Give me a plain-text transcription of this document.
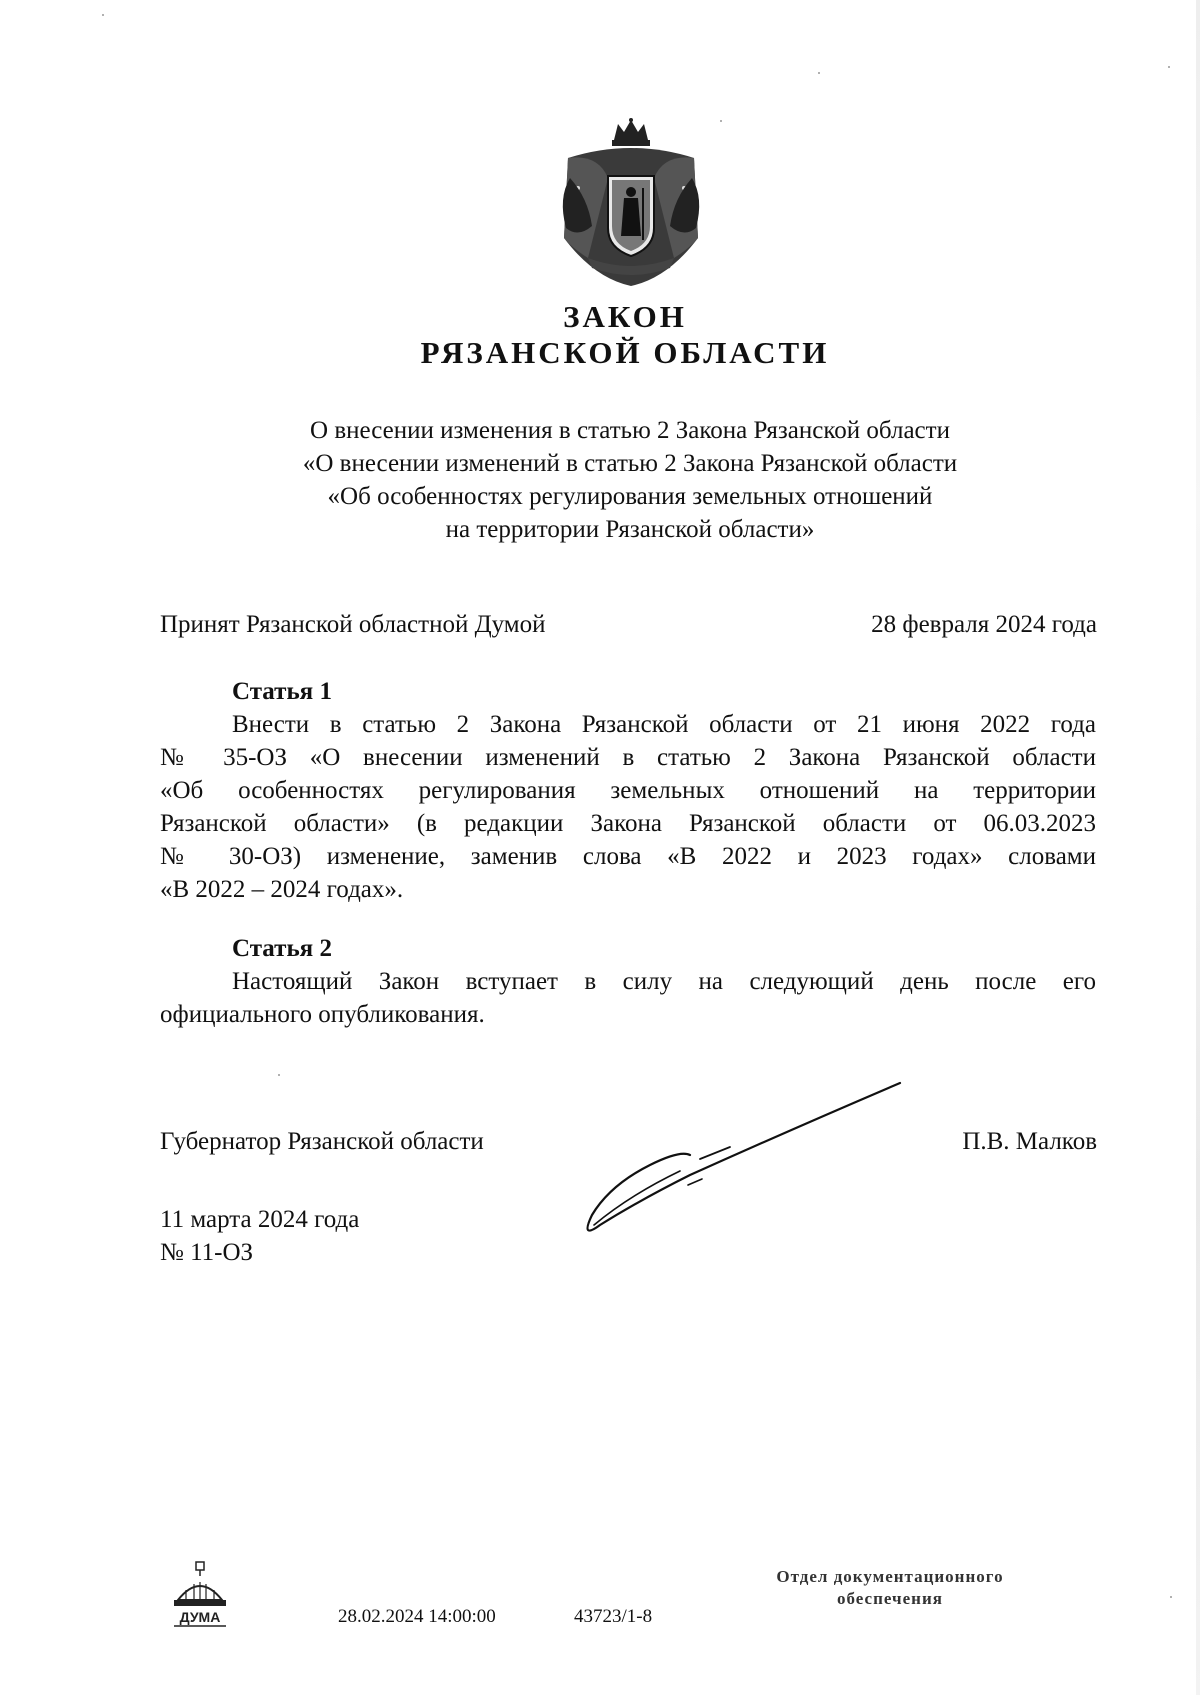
ЗАКОН
РЯЗАНСКОЙ ОБЛАСТИ
О внесении изменения в статью 2 Закона Рязанской области
«О внесении изменений в статью 2 Закона Рязанской области
«Об особенностях регулирования земельных отношений
на территории Рязанской области»
Принят Рязанской областной Думой	28 февраля 2024 года
Статья 1
Внести в статью 2 Закона Рязанской области от 21 июня 2022 года
№ 35-ОЗ «О внесении изменений в статью 2 Закона Рязанской области
«Об особенностях регулирования земельных отношений на территории
Рязанской области» (в редакции Закона Рязанской области от 06.03.2023
№ 30-ОЗ) изменение, заменив слова «В 2022 и 2023 годах» словами
«В 2022 – 2024 годах».
Статья 2
Настоящий Закон вступает в силу на следующий день после его
официального опубликования.
Губернатор Рязанской области	П.В. Малков
11 марта 2024 года
№ 11-ОЗ
ДУМА	28.02.2024 14:00:00	43723/1-8
Отдел документационного
обеспечения
